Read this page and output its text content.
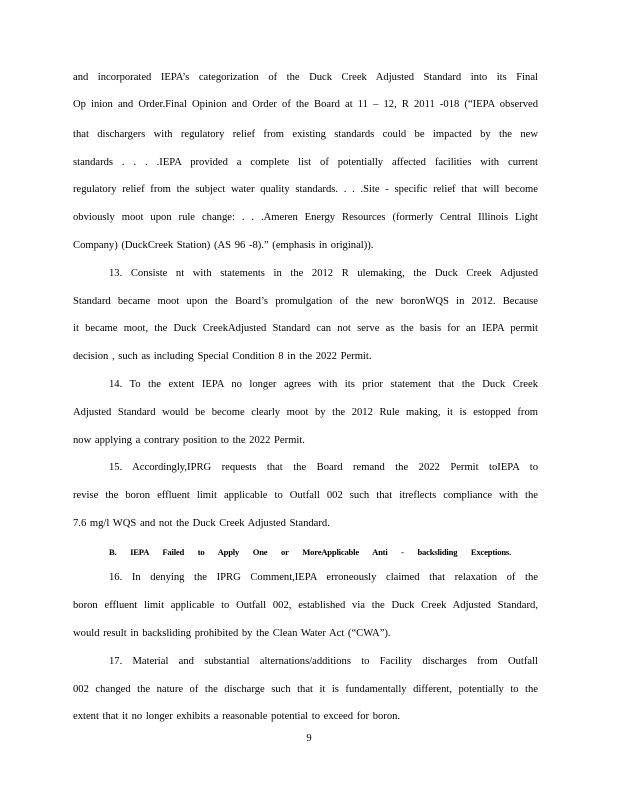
and incorporated IEPA’s categorization of the Duck Creek Adjusted Standard into its Final
Op inion and Order.Final Opinion and Order of the Board at 11 – 12, R 2011 -018 (“IEPA observed
that dischargers with regulatory relief from existing standards could be impacted by the new
standards . . . .IEPA provided a complete list of potentially affected facilities with current
regulatory relief from the subject water quality standards. . . .Site - specific relief that will become
obviously moot upon rule change: . . .Ameren Energy Resources (formerly Central Illinois Light
Company) (DuckCreek Station) (AS 96 -8).” (emphasis in original)).
13. Consiste nt with statements in the 2012 R ulemaking, the Duck Creek Adjusted
Standard became moot upon the Board’s promulgation of the new boronWQS in 2012. Because
it became moot, the Duck CreekAdjusted Standard can not serve as the basis for an IEPA permit
decision , such as including Special Condition 8 in the 2022 Permit.
14. To the extent IEPA no longer agrees with its prior statement that the Duck Creek
Adjusted Standard would be become clearly moot by the 2012 Rule making, it is estopped from
now applying a contrary position to the 2022 Permit.
15. Accordingly,IPRG requests that the Board remand the 2022 Permit toIEPA to
revise the boron effluent limit applicable to Outfall 002 such that itreflects compliance with the
7.6 mg/l WQS and not the Duck Creek Adjusted Standard.
B. IEPA Failed to Apply One or MoreApplicable Anti - backsliding Exceptions.
16. In denying the IPRG Comment,IEPA erroneously claimed that relaxation of the
boron effluent limit applicable to Outfall 002, established via the Duck Creek Adjusted Standard,
would result in backsliding prohibited by the Clean Water Act (“CWA”).
17. Material and substantial alternations/additions to Facility discharges from Outfall
002 changed the nature of the discharge such that it is fundamentally different, potentially to the
extent that it no longer exhibits a reasonable potential to exceed for boron.
9
